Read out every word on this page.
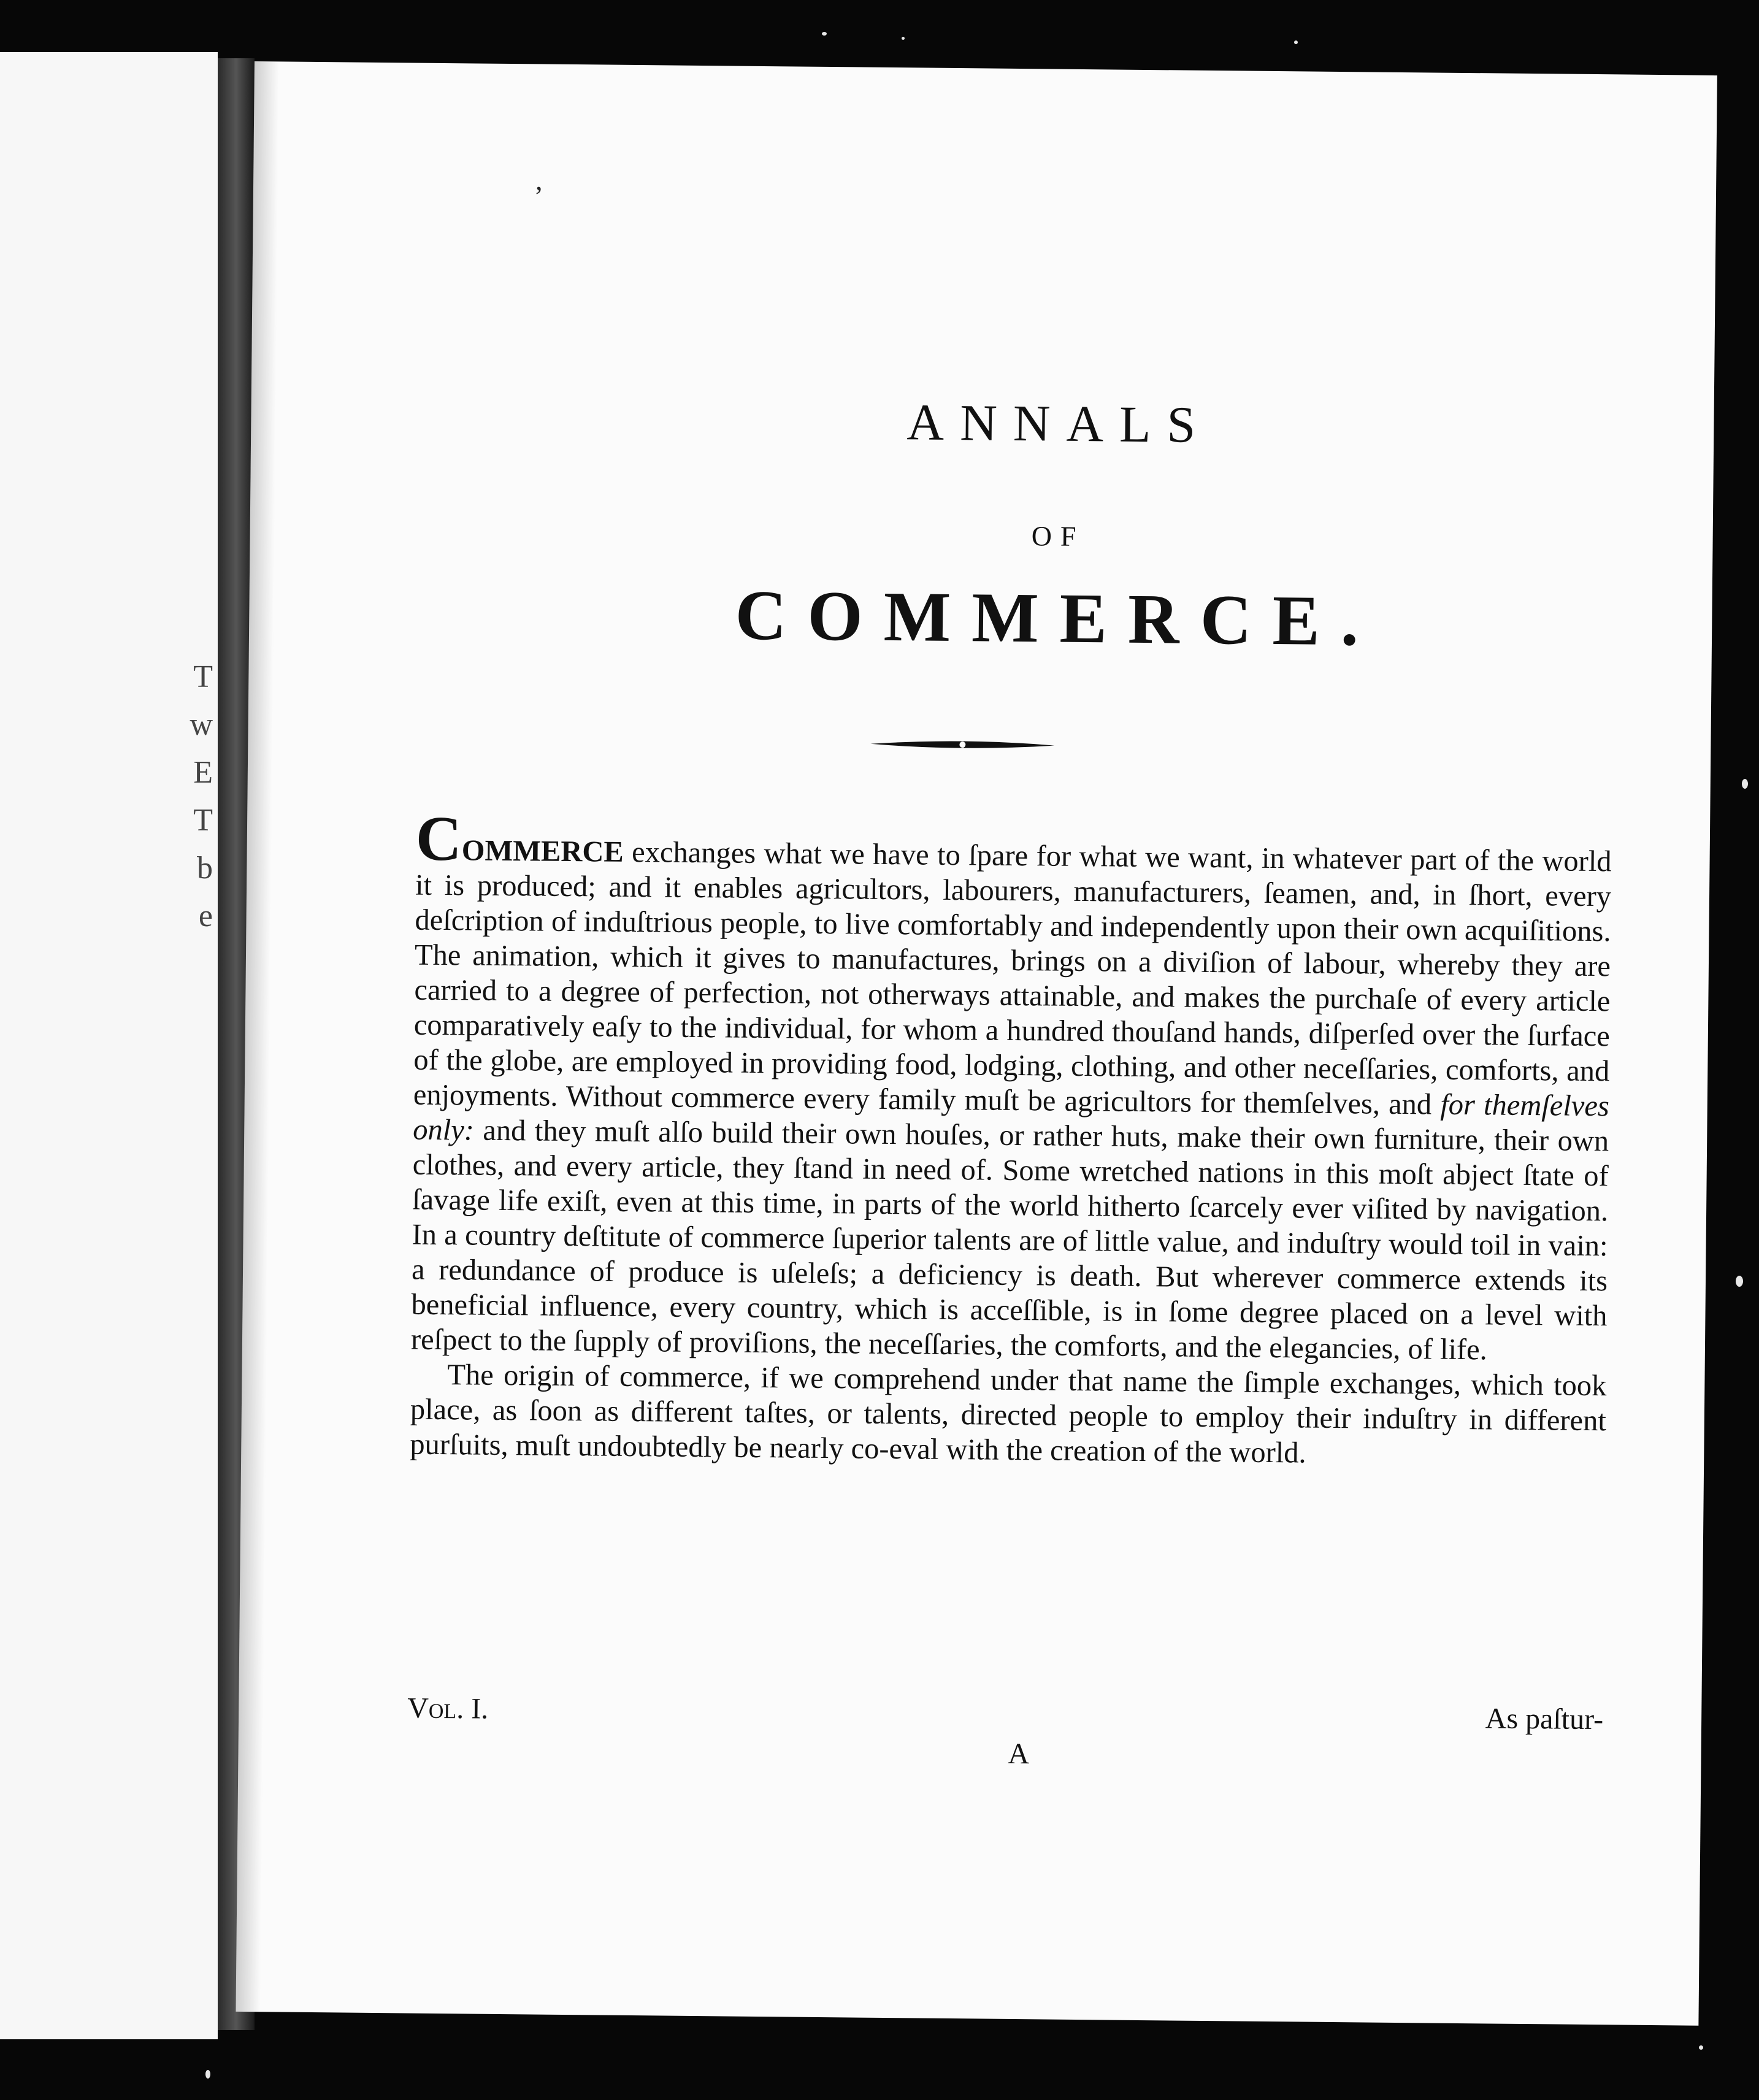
T
w
E
T
b
e
,
ANNALS
OF
COMMERCE.

COMMERCE exchanges what we have to ſpare for what we want, in whatever part of the world it is produced; and it enables agricultors, labourers, manufacturers, ſeamen, and, in ſhort, every deſcription of induſtrious people, to live comfortably and independently upon their own acquiſitions. The animation, which it gives to manufactures, brings on a diviſion of labour, whereby they are carried to a degree of perfection, not otherways attainable, and makes the purchaſe of every article comparatively eaſy to the individual, for whom a hundred thouſand hands, diſperſed over the ſurface of the globe, are employed in providing food, lodging, clothing, and other neceſſaries, comforts, and enjoyments. Without commerce every family muſt be agricultors for themſelves, and for themſelves only: and they muſt alſo build their own houſes, or rather huts, make their own furniture, their own clothes, and every article, they ſtand in need of. Some wretched nations in this moſt abject ſtate of ſavage life exiſt, even at this time, in parts of the world hitherto ſcarcely ever viſited by navigation. In a country deſtitute of commerce ſuperior talents are of little value, and induſtry would toil in vain: a redundance of produce is uſeleſs; a deficiency is death. But wherever commerce extends its beneficial influence, every country, which is acceſſible, is in ſome degree placed on a level with reſpect to the ſupply of proviſions, the neceſſaries, the comforts, and the elegancies, of life.

The origin of commerce, if we comprehend under that name the ſimple exchanges, which took place, as ſoon as different taſtes, or talents, directed people to employ their induſtry in different purſuits, muſt undoubtedly be nearly co-eval with the creation of the world.

Vol. I.	As paſtur-
A
